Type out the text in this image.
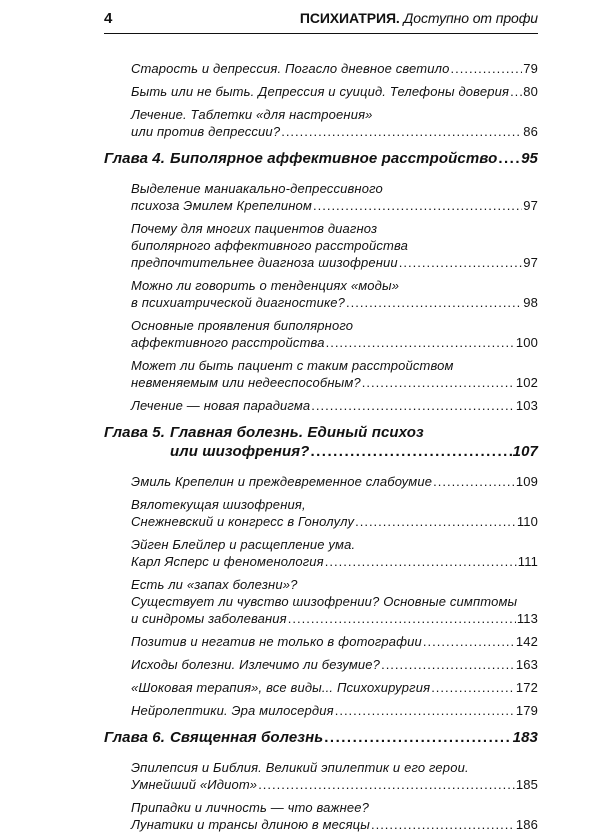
4	ПСИХИАТРИЯ. Доступно от профи
Старость и депрессия. Погасло дневное светило .....	79
Быть или не быть. Депрессия и суицид. Телефоны доверия ..... 80
Лечение. Таблетки «для настроения»
или против депрессии? .....	86
Глава 4. Биполярное аффективное расстройство ..... 95
Выделение маниакально-депрессивного
психоза Эмилем Крепелином .....	97
Почему для многих пациентов диагноз
биполярного аффективного расстройства
предпочтительнее диагноза шизофрении .....	97
Можно ли говорить о тенденциях «моды»
в психиатрической диагностике? .....	98
Основные проявления биполярного
аффективного расстройства .....	100
Может ли быть пациент с таким расстройством
невменяемым или недееспособным? .....	102
Лечение — новая парадигма .....	103
Глава 5. Главная болезнь. Единый психоз
или шизофрения? .....	107
Эмиль Крепелин и преждевременное слабоумие .....	109
Вялотекущая шизофрения,
Снежневский и конгресс в Гонолулу .....	110
Эйген Блейлер и расщепление ума.
Карл Ясперс и феноменология .....	111
Есть ли «запах болезни»?
Существует ли чувство шизофрении? Основные симптомы
и синдромы заболевания .....	113
Позитив и негатив не только в фотографии .....	142
Исходы болезни. Излечимо ли безумие? .....	163
«Шоковая терапия», все виды... Психохирургия .....	172
Нейролептики. Эра милосердия .....	179
Глава 6. Священная болезнь .....	183
Эпилепсия и Библия. Великий эпилептик и его герои.
Умнейший «Идиот» .....	185
Припадки и личность — что важнее?
Лунатики и трансы длиною в месяцы .....	186
